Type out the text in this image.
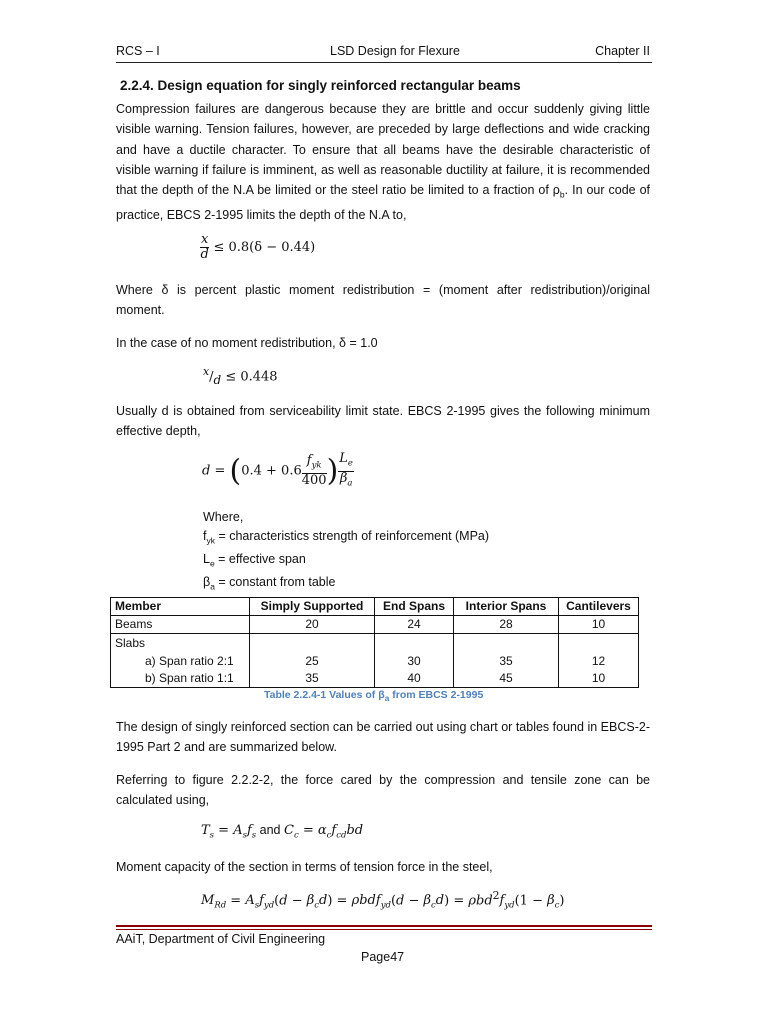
RCS – I	LSD Design for Flexure	Chapter II
2.2.4. Design equation for singly reinforced rectangular beams
Compression failures are dangerous because they are brittle and occur suddenly giving little visible warning. Tension failures, however, are preceded by large deflections and wide cracking and have a ductile character. To ensure that all beams have the desirable characteristic of visible warning if failure is imminent, as well as reasonable ductility at failure, it is recommended that the depth of the N.A be limited or the steel ratio be limited to a fraction of $\rho_b$. In our code of practice, EBCS 2-1995 limits the depth of the N.A to,
$\frac{x}{d} \le 0.8(\delta - 0.44)$
Where δ is percent plastic moment redistribution = (moment after redistribution)/original moment.
In the case of no moment redistribution, δ = 1.0
$^x/_d \le 0.448$
Usually d is obtained from serviceability limit state. EBCS 2-1995 gives the following minimum effective depth,
$d = (0.4 + 0.6 \frac{f_{yk}}{400}$ ) $\frac{L_e}{\beta_a}$
Where,
$f_{yk}$ = characteristics strength of reinforcement (MPa)
$L_e$ = effective span
$\beta_a$ = constant from table
Member	Simply Supported	End Spans	Interior Spans	Cantilevers
Beams	20	24	28	10

Slabs
a) Span ratio 2:1	25	30	35	12

b) Span ratio 1:1	35	40	45	10
Table 2.2.4-1 Values of $\beta_a$ from EBCS 2-1995
The design of singly reinforced section can be carried out using chart or tables found in EBCS-2-1995 Part 2 and are summarized below.
Referring to figure 2.2.2-2, the force cared by the compression and tensile zone can be calculated using,
$T_s = A_sf_s$ and $C_c = \alpha_cf_{cd}bd$
Moment capacity of the section in terms of tension force in the steel,
$M_{Rd} = A_sf_{yd}(d - \beta_cd) = \rho bdf_{yd}(d - \beta_cd) = \rho bd^2f_{yd}(1 - \beta_c)$
AAiT, Department of Civil Engineering
Page47
